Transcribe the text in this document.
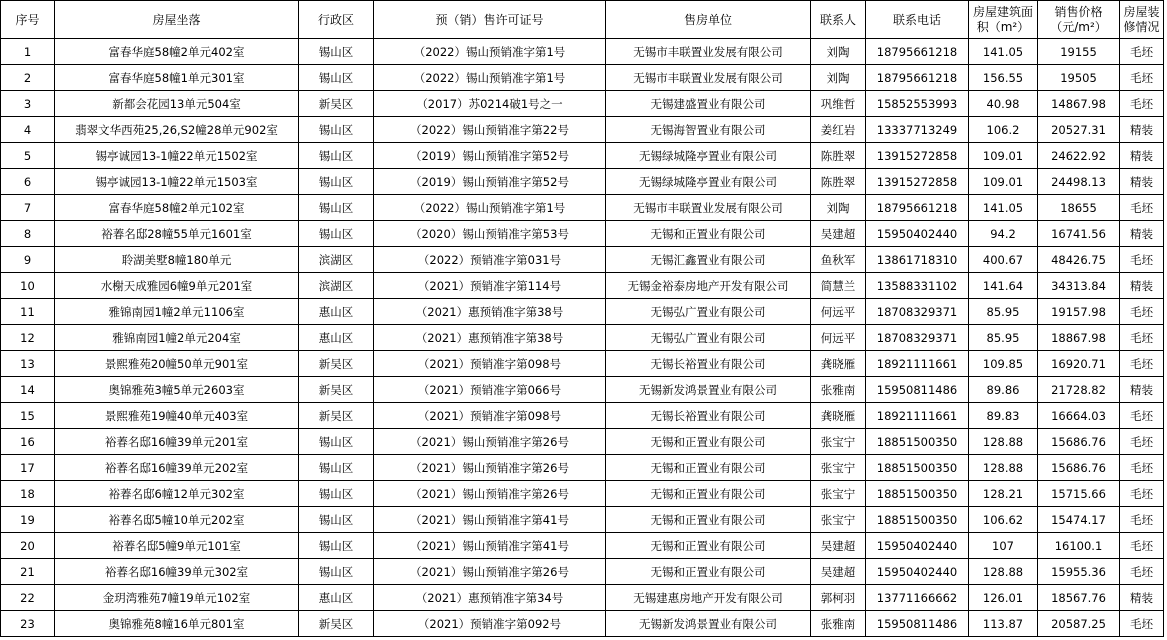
序号	房屋坐落	行政区	预（销）售许可证号	售房单位	联系人	联系电话	房屋建筑面积（m²）	销售价格（元/m²）	房屋装修情况
1	富春华庭58幢2单元402室	锡山区	（2022）锡山预销准字第1号	无锡市丰联置业发展有限公司	刘陶	18795661218	141.05	19155	毛坯
2	富春华庭58幢1单元301室	锡山区	（2022）锡山预销准字第1号	无锡市丰联置业发展有限公司	刘陶	18795661218	156.55	19505	毛坯
3	新都会花园13单元504室	新吴区	（2017）苏0214破1号之一	无锡建盛置业有限公司	巩维哲	15852553993	40.98	14867.98	毛坯
4	翡翠文华西苑25,26,S2幢28单元902室	锡山区	（2022）锡山预销准字第22号	无锡海智置业有限公司	姜红岩	13337713249	106.2	20527.31	精装
5	锡亭诚园13-1幢22单元1502室	锡山区	（2019）锡山预销准字第52号	无锡绿城隆亭置业有限公司	陈胜翠	13915272858	109.01	24622.92	精装
6	锡亭诚园13-1幢22单元1503室	锡山区	（2019）锡山预销准字第52号	无锡绿城隆亭置业有限公司	陈胜翠	13915272858	109.01	24498.13	精装
7	富春华庭58幢2单元102室	锡山区	（2022）锡山预销准字第1号	无锡市丰联置业发展有限公司	刘陶	18795661218	141.05	18655	毛坯
8	裕萶名邸28幢55单元1601室	锡山区	（2020）锡山预销准字第53号	无锡和正置业有限公司	吴建超	15950402440	94.2	16741.56	精装
9	聆湖美墅8幢180单元	滨湖区	（2022）预销准字第031号	无锡汇鑫置业有限公司	鱼秋军	13861718310	400.67	48426.75	毛坯
10	水榭天成雅园6幢9单元201室	滨湖区	（2021）预销准字第114号	无锡金裕泰房地产开发有限公司	简慧兰	13588331102	141.64	34313.84	精装
11	雅锦南园1幢2单元1106室	惠山区	（2021）惠预销准字第38号	无锡弘广置业有限公司	何远平	18708329371	85.95	19157.98	毛坯
12	雅锦南园1幢2单元204室	惠山区	（2021）惠预销准字第38号	无锡弘广置业有限公司	何远平	18708329371	85.95	18867.98	毛坯
13	景熙雅苑20幢50单元901室	新吴区	（2021）预销准字第098号	无锡长裕置业有限公司	龚晓雁	18921111661	109.85	16920.71	毛坯
14	奥锦雅苑3幢5单元2603室	新吴区	（2021）预销准字第066号	无锡新发鸿景置业有限公司	张雅南	15950811486	89.86	21728.82	精装
15	景熙雅苑19幢40单元403室	新吴区	（2021）预销准字第098号	无锡长裕置业有限公司	龚晓雁	18921111661	89.83	16664.03	毛坯
16	裕萶名邸16幢39单元201室	锡山区	（2021）锡山预销准字第26号	无锡和正置业有限公司	张宝宁	18851500350	128.88	15686.76	毛坯
17	裕萶名邸16幢39单元202室	锡山区	（2021）锡山预销准字第26号	无锡和正置业有限公司	张宝宁	18851500350	128.88	15686.76	毛坯
18	裕萶名邸6幢12单元302室	锡山区	（2021）锡山预销准字第26号	无锡和正置业有限公司	张宝宁	18851500350	128.21	15715.66	毛坯
19	裕萶名邸5幢10单元202室	锡山区	（2021）锡山预销准字第41号	无锡和正置业有限公司	张宝宁	18851500350	106.62	15474.17	毛坯
20	裕萶名邸5幢9单元101室	锡山区	（2021）锡山预销准字第41号	无锡和正置业有限公司	吴建超	15950402440	107	16100.1	毛坯
21	裕萶名邸16幢39单元302室	锡山区	（2021）锡山预销准字第26号	无锡和正置业有限公司	吴建超	15950402440	128.88	15955.36	毛坯
22	金玥湾雅苑7幢19单元102室	惠山区	（2021）惠预销准字第34号	无锡建惠房地产开发有限公司	郭柯羽	13771166662	126.01	18567.76	精装
23	奥锦雅苑8幢16单元801室	新吴区	（2021）预销准字第092号	无锡新发鸿景置业有限公司	张雅南	15950811486	113.87	20587.25	毛坯
